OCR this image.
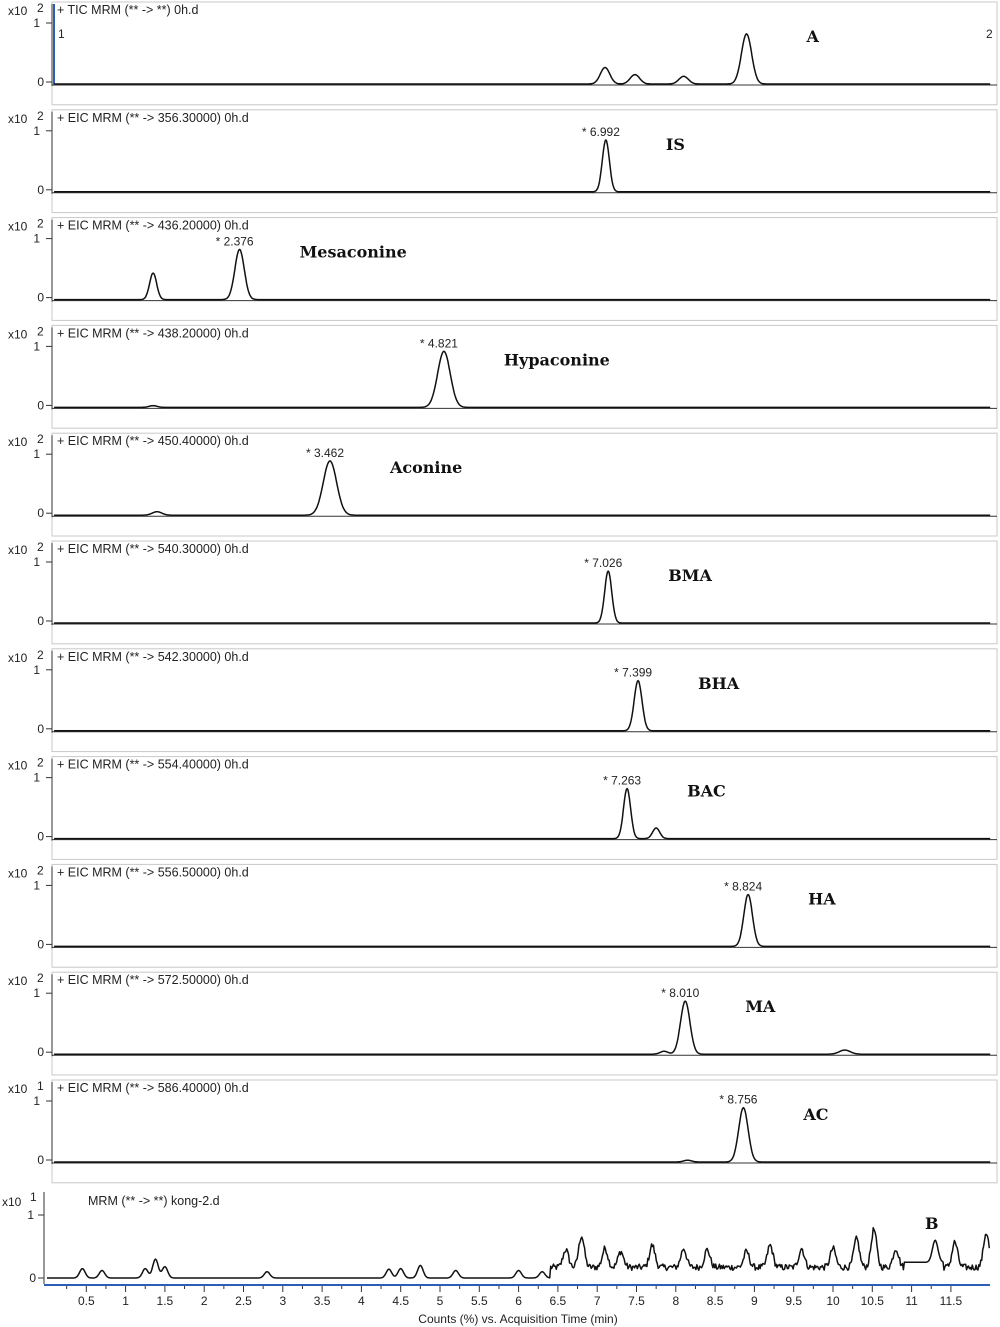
x10 2
1
0
+ TIC MRM (** -> **) 0h.d
1	2
A
x10 2
1
0
+ EIC MRM (** -> 356.30000) 0h.d
* 6.992
IS
x10 2
1
0
+ EIC MRM (** -> 436.20000) 0h.d
* 2.376
Mesaconine
x10 2
1
0
+ EIC MRM (** -> 438.20000) 0h.d
* 4.821
Hypaconine
x10 2
1
0
+ EIC MRM (** -> 450.40000) 0h.d
* 3.462
Aconine
x10 2
1
0
+ EIC MRM (** -> 540.30000) 0h.d
* 7.026
BMA
x10 2
1
0
+ EIC MRM (** -> 542.30000) 0h.d
* 7.399
BHA
x10 2
1
0
+ EIC MRM (** -> 554.40000) 0h.d
* 7.263
BAC
x10 2
1
0
+ EIC MRM (** -> 556.50000) 0h.d
* 8.824
HA
x10 2
1
0
+ EIC MRM (** -> 572.50000) 0h.d
* 8.010
MA
x10 1
1
0
+ EIC MRM (** -> 586.40000) 0h.d
* 8.756
AC
x10 1
1
0
MRM (** -> **) kong-2.d
B
0.5 1 1.5 2 2.5 3 3.5 4 4.5 5 5.5 6 6.5 7 7.5 8 8.5 9 9.5 10 10.5 11 11.5
Counts (%) vs. Acquisition Time (min)
